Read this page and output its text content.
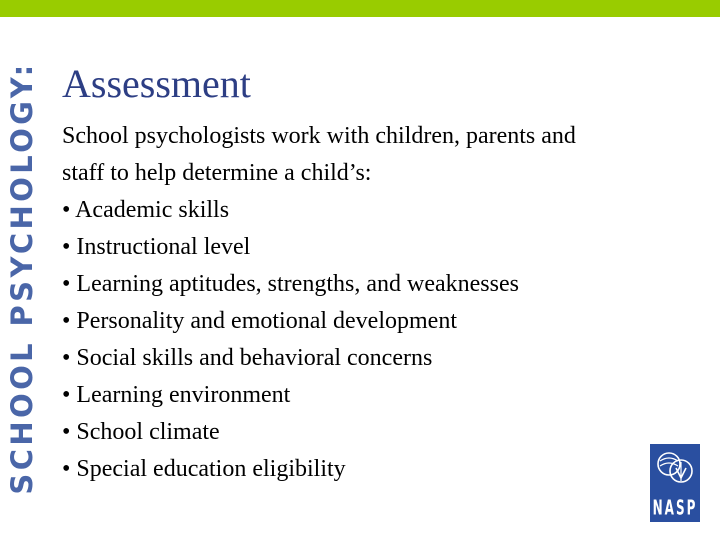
SCHOOL PSYCHOLOGY: Assessment
School psychologists work with children, parents and
staff to help determine a child’s:
• Academic skills
• Instructional level
• Learning aptitudes, strengths, and weaknesses
• Personality and emotional development
• Social skills and behavioral concerns
• Learning environment
• School climate
• Special education eligibility
NASP
